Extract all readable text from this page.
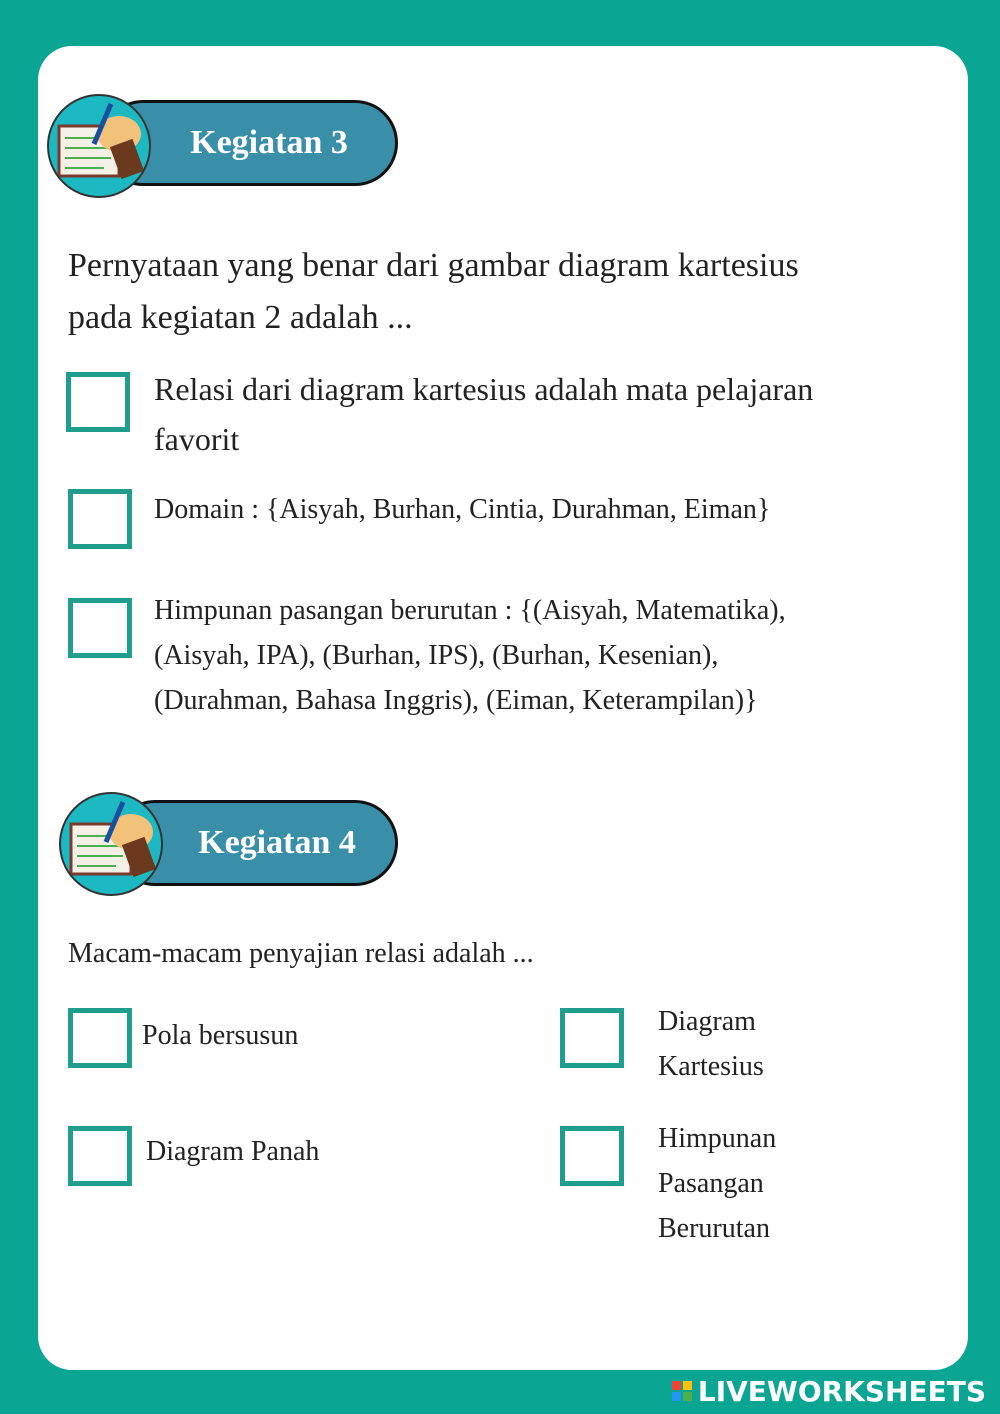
Kegiatan 3
Pernyataan yang benar dari gambar diagram kartesius
pada kegiatan 2 adalah ...
Relasi dari diagram kartesius adalah mata pelajaran
favorit
Domain : {Aisyah, Burhan, Cintia, Durahman, Eiman}
Himpunan pasangan berurutan : {(Aisyah, Matematika),
(Aisyah, IPA), (Burhan, IPS), (Burhan, Kesenian),
(Durahman, Bahasa Inggris), (Eiman, Keterampilan)}
Kegiatan 4
Macam-macam penyajian relasi adalah ...
Pola bersusun	Diagram
Kartesius
Diagram Panah	Himpunan
Pasangan
Berurutan
LIVEWORKSHEETS
